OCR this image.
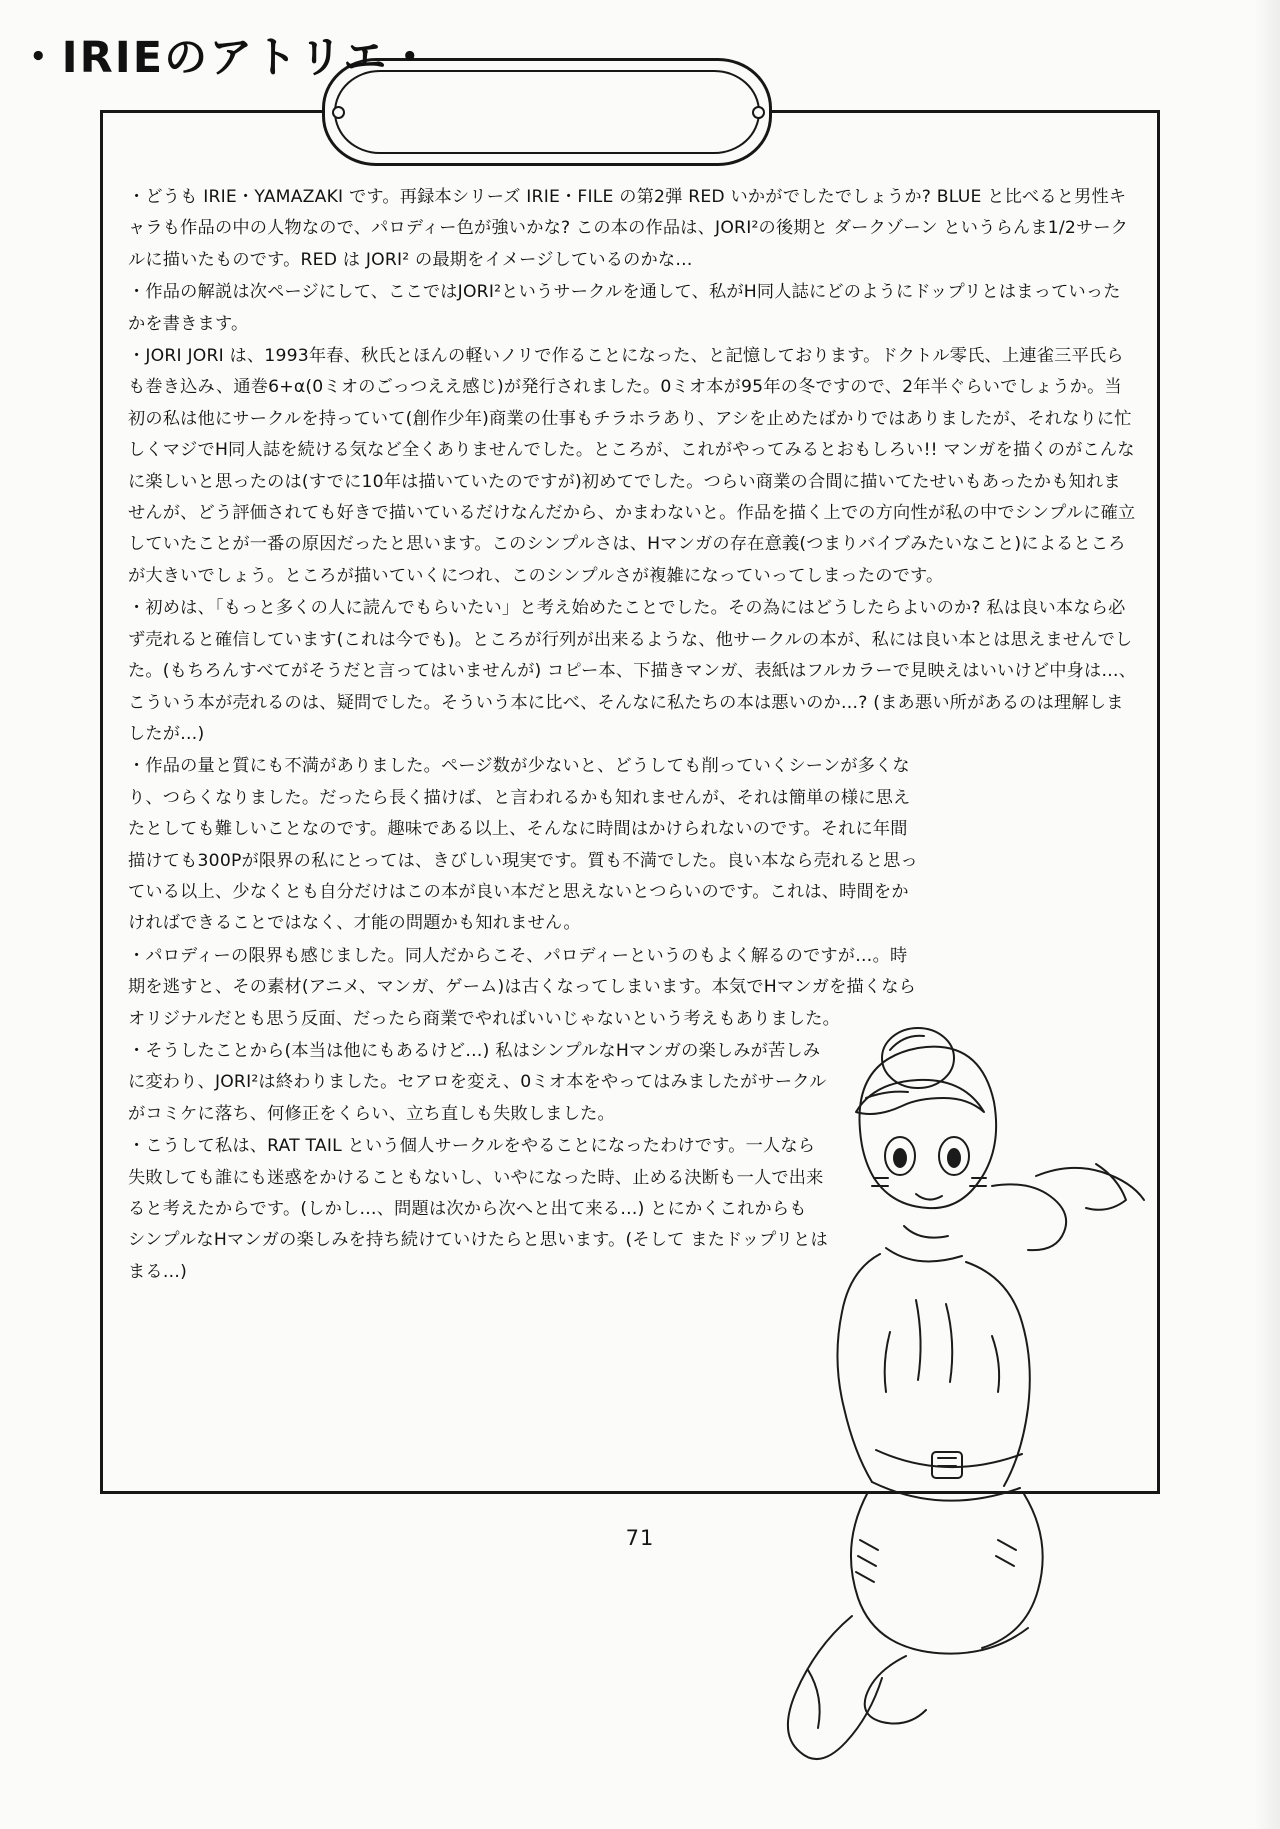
・IRIEのアトリエ・

・どうも IRIE・YAMAZAKI です。再録本シリーズ IRIE・FILE の第2弾 RED いかがでしたでしょうか? BLUE と比べると男性キャラも作品の中の人物なので、パロディー色が強いかな? この本の作品は、JORI²の後期と ダークゾーン というらんま1/2サークルに描いたものです。RED は JORI² の最期をイメージしているのかな…

・作品の解説は次ページにして、ここではJORI²というサークルを通して、私がH同人誌にどのようにドップリとはまっていったかを書きます。

・JORI JORI は、1993年春、秋氏とほんの軽いノリで作ることになった、と記憶しております。ドクトル零氏、上連雀三平氏らも巻き込み、通巻6+α(0ミオのごっつええ感じ)が発行されました。0ミオ本が95年の冬ですので、2年半ぐらいでしょうか。当初の私は他にサークルを持っていて(創作少年)商業の仕事もチラホラあり、アシを止めたばかりではありましたが、それなりに忙しくマジでH同人誌を続ける気など全くありませんでした。ところが、これがやってみるとおもしろい!! マンガを描くのがこんなに楽しいと思ったのは(すでに10年は描いていたのですが)初めてでした。つらい商業の合間に描いてたせいもあったかも知れませんが、どう評価されても好きで描いているだけなんだから、かまわないと。作品を描く上での方向性が私の中でシンプルに確立していたことが一番の原因だったと思います。このシンプルさは、Hマンガの存在意義(つまりバイブみたいなこと)によるところが大きいでしょう。ところが描いていくにつれ、このシンプルさが複雑になっていってしまったのです。

・初めは、「もっと多くの人に読んでもらいたい」と考え始めたことでした。その為にはどうしたらよいのか? 私は良い本なら必ず売れると確信しています(これは今でも)。ところが行列が出来るような、他サークルの本が、私には良い本とは思えませんでした。(もちろんすべてがそうだと言ってはいませんが) コピー本、下描きマンガ、表紙はフルカラーで見映えはいいけど中身は…、こういう本が売れるのは、疑問でした。そういう本に比べ、そんなに私たちの本は悪いのか…? (まあ悪い所があるのは理解しましたが…)

・作品の量と質にも不満がありました。ページ数が少ないと、どうしても削っていくシーンが多くなり、つらくなりました。だったら長く描けば、と言われるかも知れませんが、それは簡単の様に思えたとしても難しいことなのです。趣味である以上、そんなに時間はかけられないのです。それに年間描けても300Pが限界の私にとっては、きびしい現実です。質も不満でした。良い本なら売れると思っている以上、少なくとも自分だけはこの本が良い本だと思えないとつらいのです。これは、時間をかければできることではなく、才能の問題かも知れません。

・パロディーの限界も感じました。同人だからこそ、パロディーというのもよく解るのですが…。時期を逃すと、その素材(アニメ、マンガ、ゲーム)は古くなってしまいます。本気でHマンガを描くならオリジナルだとも思う反面、だったら商業でやればいいじゃないという考えもありました。

・そうしたことから(本当は他にもあるけど…) 私はシンプルなHマンガの楽しみが苦しみに変わり、JORI²は終わりました。セアロを変え、0ミオ本をやってはみましたがサークルがコミケに落ち、何修正をくらい、立ち直しも失敗しました。

・こうして私は、RAT TAIL という個人サークルをやることになったわけです。一人なら失敗しても誰にも迷惑をかけることもないし、いやになった時、止める決断も一人で出来ると考えたからです。(しかし…、問題は次から次へと出て来る…) とにかくこれからも シンプルなHマンガの楽しみを持ち続けていけたらと思います。(そして またドップリとはまる…)

71
